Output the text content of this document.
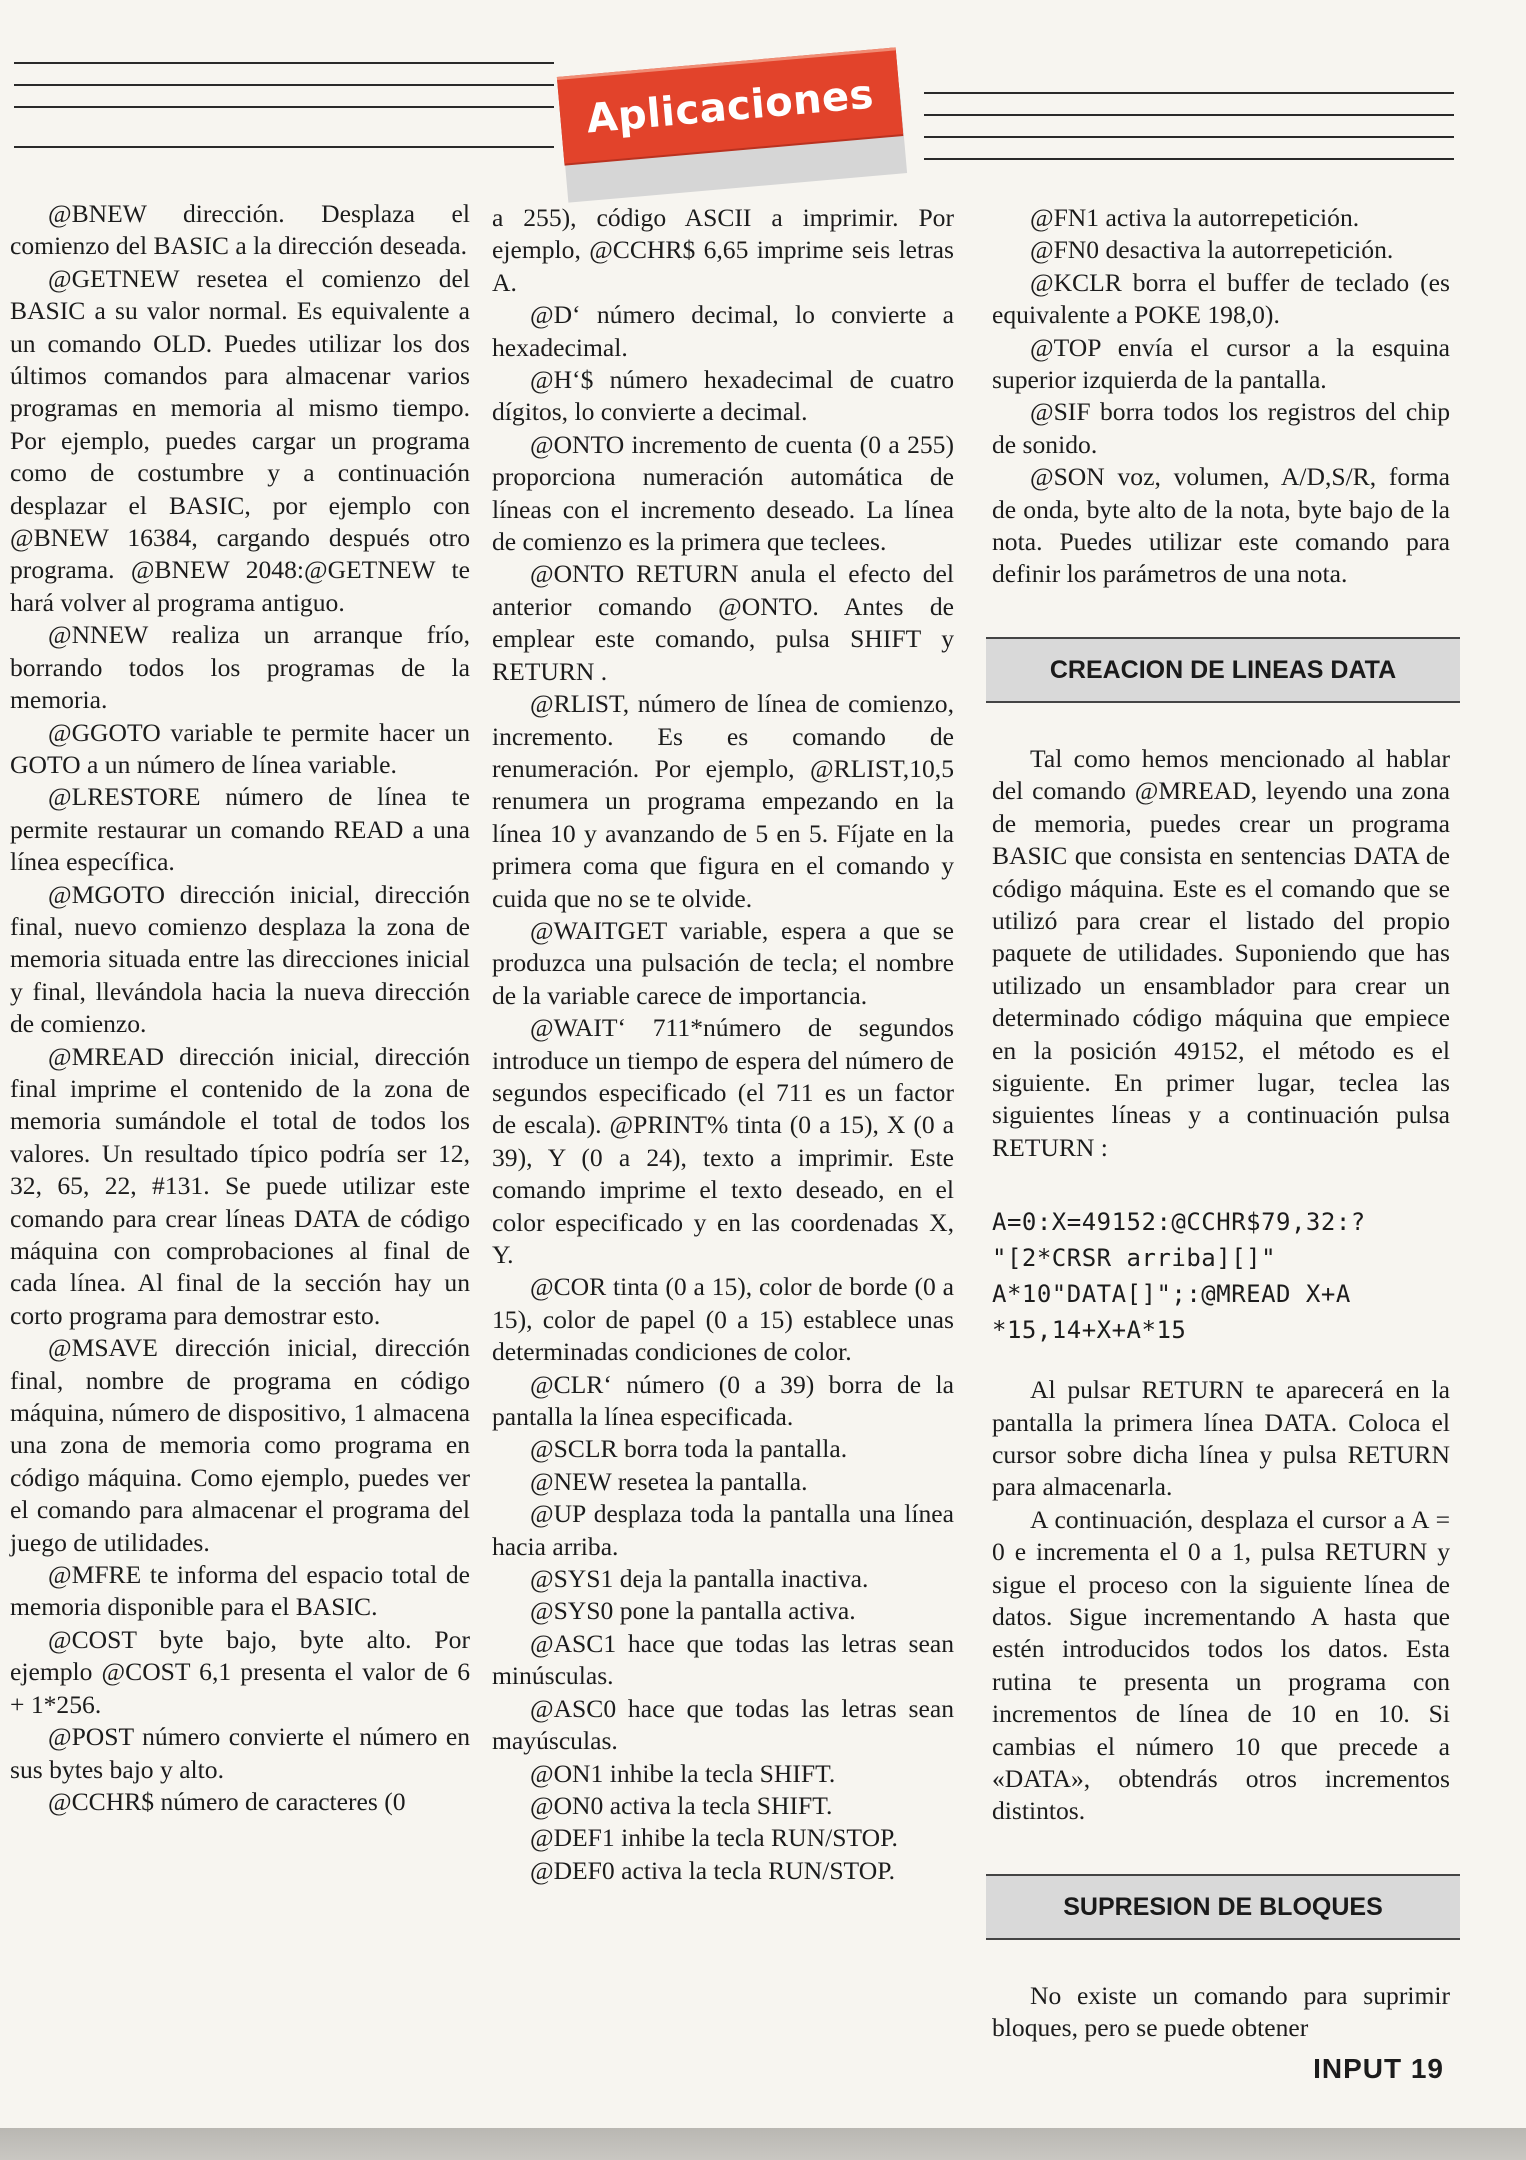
Aplicaciones

@BNEW dirección. Desplaza el comienzo del BASIC a la dirección deseada.

@GETNEW resetea el comienzo del BASIC a su valor normal. Es equivalente a un comando OLD. Puedes utilizar los dos últimos comandos para almacenar varios programas en memoria al mismo tiempo. Por ejemplo, puedes cargar un programa como de costumbre y a continuación desplazar el BASIC, por ejemplo con @BNEW 16384, cargando después otro programa. @BNEW 2048:@GETNEW te hará volver al programa antiguo.

@NNEW realiza un arranque frío, borrando todos los programas de la memoria.

@GGOTO variable te permite hacer un GOTO a un número de línea variable.

@LRESTORE número de línea te permite restaurar un comando READ a una línea específica.

@MGOTO dirección inicial, dirección final, nuevo comienzo desplaza la zona de memoria situada entre las direcciones inicial y final, llevándola hacia la nueva dirección de comienzo.

@MREAD dirección inicial, dirección final imprime el contenido de la zona de memoria sumándole el total de todos los valores. Un resultado típico podría ser 12, 32, 65, 22, #131. Se puede utilizar este comando para crear líneas DATA de código máquina con comprobaciones al final de cada línea. Al final de la sección hay un corto programa para demostrar esto.

@MSAVE dirección inicial, dirección final, nombre de programa en código máquina, número de dispositivo, 1 almacena una zona de memoria como programa en código máquina. Como ejemplo, puedes ver el comando para almacenar el programa del juego de utilidades.

@MFRE te informa del espacio total de memoria disponible para el BASIC.

@COST byte bajo, byte alto. Por ejemplo @COST 6,1 presenta el valor de 6 + 1*256.

@POST número convierte el número en sus bytes bajo y alto.

@CCHR$ número de caracteres (0

a 255), código ASCII a imprimir. Por ejemplo, @CCHR$ 6,65 imprime seis letras A.

@D‘ número decimal, lo convierte a hexadecimal.

@H‘$ número hexadecimal de cuatro dígitos, lo convierte a decimal.

@ONTO incremento de cuenta (0 a 255) proporciona numeración automática de líneas con el incremento deseado. La línea de comienzo es la primera que teclees.

@ONTO RETURN anula el efecto del anterior comando @ONTO. Antes de emplear este comando, pulsa SHIFT y RETURN .

@RLIST, número de línea de comienzo, incremento. Es es comando de renumeración. Por ejemplo, @RLIST,10,5 renumera un programa empezando en la línea 10 y avanzando de 5 en 5. Fíjate en la primera coma que figura en el comando y cuida que no se te olvide.

@WAITGET variable, espera a que se produzca una pulsación de tecla; el nombre de la variable carece de importancia.

@WAIT‘ 711*número de segundos introduce un tiempo de espera del número de segundos especificado (el 711 es un factor de escala). @PRINT% tinta (0 a 15), X (0 a 39), Y (0 a 24), texto a imprimir. Este comando imprime el texto deseado, en el color especificado y en las coordenadas X, Y.

@COR tinta (0 a 15), color de borde (0 a 15), color de papel (0 a 15) establece unas determinadas condiciones de color.

@CLR‘ número (0 a 39) borra de la pantalla la línea especificada.

@SCLR borra toda la pantalla.

@NEW resetea la pantalla.

@UP desplaza toda la pantalla una línea hacia arriba.

@SYS1 deja la pantalla inactiva.

@SYS0 pone la pantalla activa.

@ASC1 hace que todas las letras sean minúsculas.

@ASC0 hace que todas las letras sean mayúsculas.

@ON1 inhibe la tecla SHIFT.

@ON0 activa la tecla SHIFT.

@DEF1 inhibe la tecla RUN/STOP.

@DEF0 activa la tecla RUN/STOP.

@FN1 activa la autorrepetición.

@FN0 desactiva la autorrepetición.

@KCLR borra el buffer de teclado (es equivalente a POKE 198,0).

@TOP envía el cursor a la esquina superior izquierda de la pantalla.

@SIF borra todos los registros del chip de sonido.

@SON voz, volumen, A/D,S/R, forma de onda, byte alto de la nota, byte bajo de la nota. Puedes utilizar este comando para definir los parámetros de una nota.

CREACION DE LINEAS DATA

Tal como hemos mencionado al hablar del comando @MREAD, leyendo una zona de memoria, puedes crear un programa BASIC que consista en sentencias DATA de código máquina. Este es el comando que se utilizó para crear el listado del propio paquete de utilidades. Suponiendo que has utilizado un ensamblador para crear un determinado código máquina que empiece en la posición 49152, el método es el siguiente. En primer lugar, teclea las siguientes líneas y a continuación pulsa RETURN :

A=0:X=49152:@CCHR$79,32:?
"[2*CRSR arriba][]"
A*10"DATA[]";:@MREAD X+A
*15,14+X+A*15

Al pulsar RETURN te aparecerá en la pantalla la primera línea DATA. Coloca el cursor sobre dicha línea y pulsa RETURN para almacenarla.

A continuación, desplaza el cursor a A = 0 e incrementa el 0 a 1, pulsa RETURN y sigue el proceso con la siguiente línea de datos. Sigue incrementando A hasta que estén introducidos todos los datos. Esta rutina te presenta un programa con incrementos de línea de 10 en 10. Si cambias el número 10 que precede a «DATA», obtendrás otros incrementos distintos.

SUPRESION DE BLOQUES

No existe un comando para suprimir bloques, pero se puede obtener

INPUT 19
